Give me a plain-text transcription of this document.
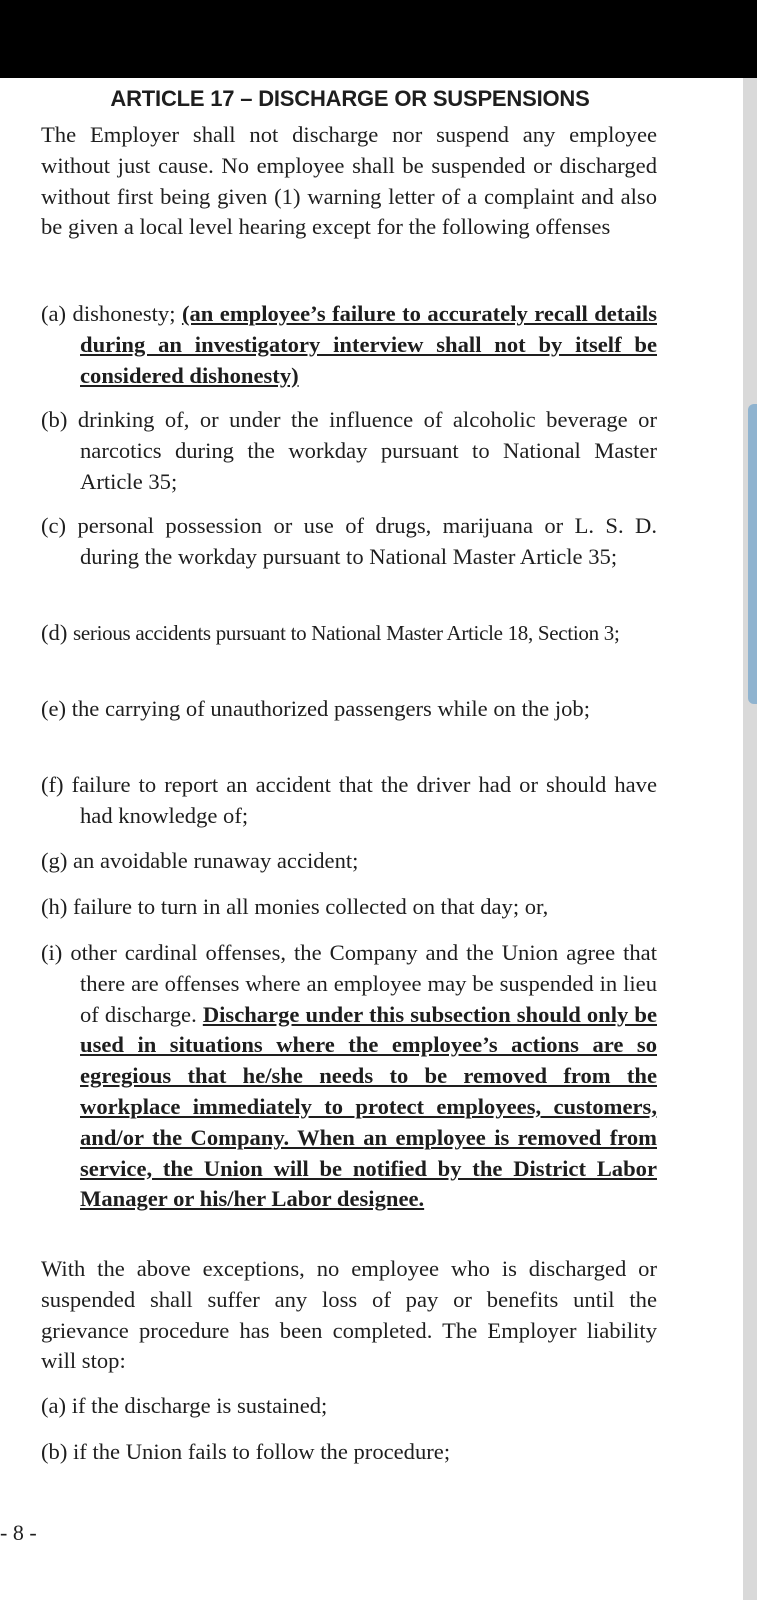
ARTICLE 17 – DISCHARGE OR SUSPENSIONS

The Employer shall not discharge nor suspend any employee without just cause. No employee shall be suspended or discharged without first being given (1) warning letter of a complaint and also be given a local level hearing except for the following offenses

(a) dishonesty; (an employee’s failure to accurately recall details during an investigatory interview shall not by itself be considered dishonesty)

(b) drinking of, or under the influence of alcoholic beverage or narcotics during the workday pursuant to National Master Article 35;

(c) personal possession or use of drugs, marijuana or L. S. D. during the workday pursuant to National Master Article 35;

(d) serious accidents pursuant to National Master Article 18, Section 3;

(e) the carrying of unauthorized passengers while on the job;

(f) failure to report an accident that the driver had or should have had knowledge of;

(g) an avoidable runaway accident;

(h) failure to turn in all monies collected on that day; or,

(i) other cardinal offenses, the Company and the Union agree that there are offenses where an employee may be suspended in lieu of discharge. Discharge under this subsection should only be used in situations where the employee’s actions are so egregious that he/she needs to be removed from the workplace immediately to protect employees, customers, and/or the Company. When an employee is removed from service, the Union will be notified by the District Labor Manager or his/her Labor designee.

With the above exceptions, no employee who is discharged or suspended shall suffer any loss of pay or benefits until the grievance procedure has been completed. The Employer liability will stop:

(a) if the discharge is sustained;

(b) if the Union fails to follow the procedure;

- 8 -
